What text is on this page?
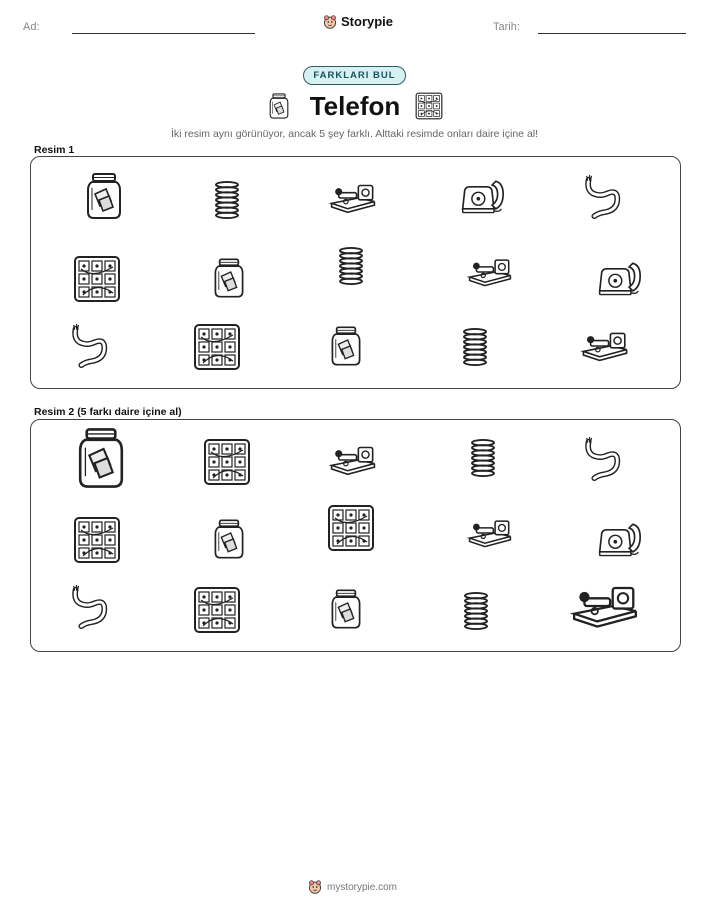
Ad:	Storypie	Tarih:
FARKLARI BUL
Telefon
İki resim aynı görünüyor, ancak 5 şey farklı. Alttaki resimde onları daire içine al!
Resim 1
Resim 2 (5 farkı daire içine al)
mystorypie.com
